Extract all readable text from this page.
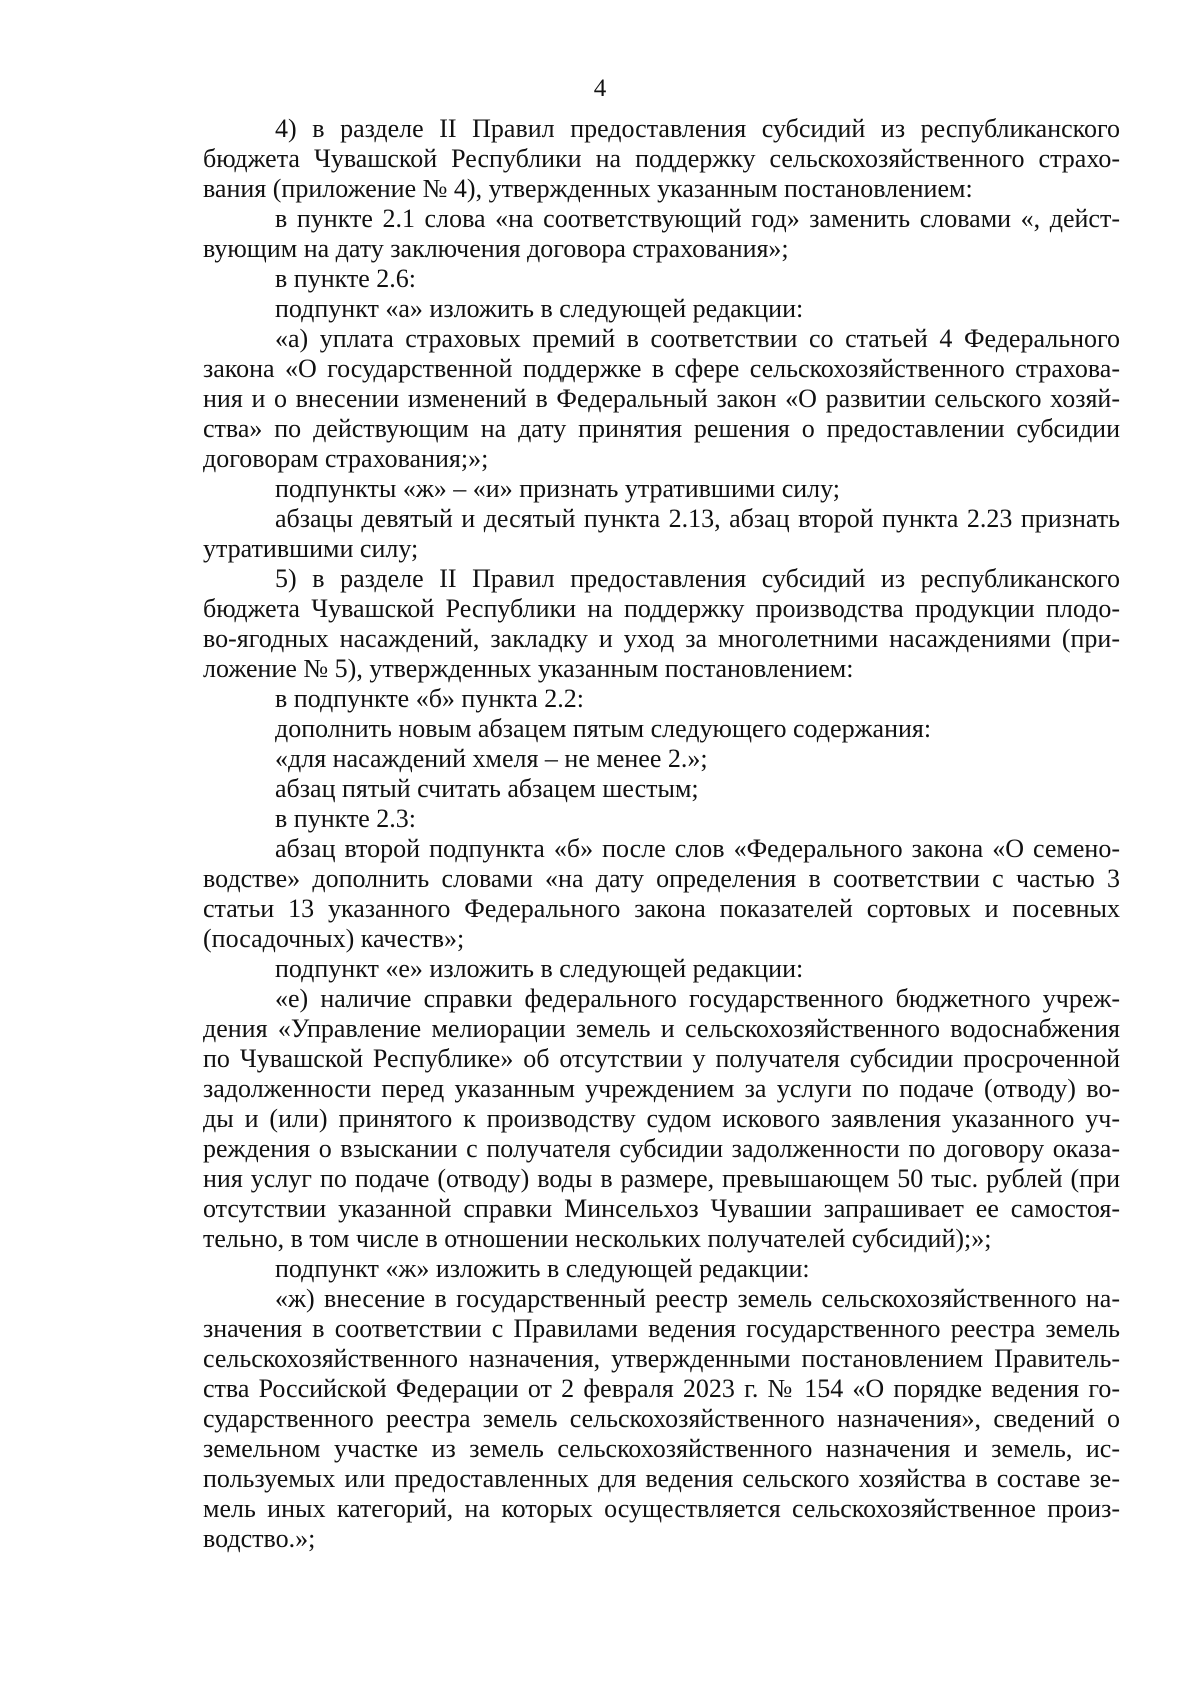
4
4) в разделе II Правил предоставления субсидий из республиканского
бюджета Чувашской Республики на поддержку сельскохозяйственного страхо-
вания (приложение № 4), утвержденных указанным постановлением:
в пункте 2.1 слова «на соответствующий год» заменить словами «, дейст-
вующим на дату заключения договора страхования»;
в пункте 2.6:
подпункт «а» изложить в следующей редакции:
«а) уплата страховых премий в соответствии со статьей 4 Федерального
закона «О государственной поддержке в сфере сельскохозяйственного страхова-
ния и о внесении изменений в Федеральный закон «О развитии сельского хозяй-
ства» по действующим на дату принятия решения о предоставлении субсидии
договорам страхования;»;
подпункты «ж» – «и» признать утратившими силу;
абзацы девятый и десятый пункта 2.13, абзац второй пункта 2.23 признать
утратившими силу;
5) в разделе II Правил предоставления субсидий из республиканского
бюджета Чувашской Республики на поддержку производства продукции плодо-
во-ягодных насаждений, закладку и уход за многолетними насаждениями (при-
ложение № 5), утвержденных указанным постановлением:
в подпункте «б» пункта 2.2:
дополнить новым абзацем пятым следующего содержания:
«для насаждений хмеля – не менее 2.»;
абзац пятый считать абзацем шестым;
в пункте 2.3:
абзац второй подпункта «б» после слов «Федерального закона «О семено-
водстве» дополнить словами «на дату определения в соответствии с частью 3
статьи 13 указанного Федерального закона показателей сортовых и посевных
(посадочных) качеств»;
подпункт «е» изложить в следующей редакции:
«е) наличие справки федерального государственного бюджетного учреж-
дения «Управление мелиорации земель и сельскохозяйственного водоснабжения
по Чувашской Республике» об отсутствии у получателя субсидии просроченной
задолженности перед указанным учреждением за услуги по подаче (отводу) во-
ды и (или) принятого к производству судом искового заявления указанного уч-
реждения о взыскании с получателя субсидии задолженности по договору оказа-
ния услуг по подаче (отводу) воды в размере, превышающем 50 тыс. рублей (при
отсутствии указанной справки Минсельхоз Чувашии запрашивает ее самостоя-
тельно, в том числе в отношении нескольких получателей субсидий);»;
подпункт «ж» изложить в следующей редакции:
«ж) внесение в государственный реестр земель сельскохозяйственного на-
значения в соответствии с Правилами ведения государственного реестра земель
сельскохозяйственного назначения, утвержденными постановлением Правитель-
ства Российской Федерации от 2 февраля 2023 г. № 154 «О порядке ведения го-
сударственного реестра земель сельскохозяйственного назначения», сведений о
земельном участке из земель сельскохозяйственного назначения и земель, ис-
пользуемых или предоставленных для ведения сельского хозяйства в составе зе-
мель иных категорий, на которых осуществляется сельскохозяйственное произ-
водство.»;
